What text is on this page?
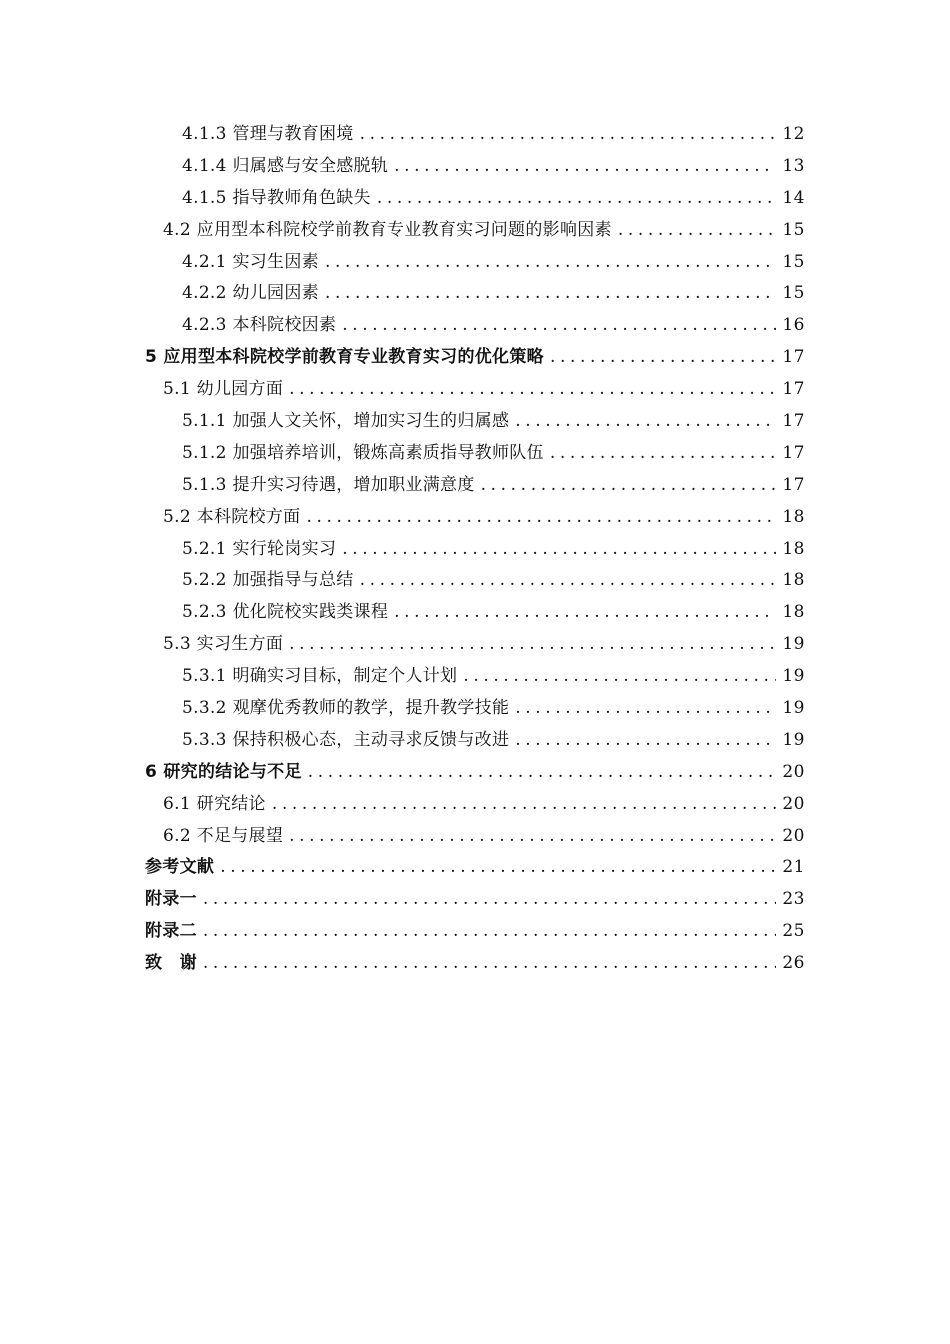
4.1.3 管理与教育困境 .....	12
4.1.4 归属感与安全感脱轨 .....	13
4.1.5 指导教师角色缺失 .....	14
4.2 应用型本科院校学前教育专业教育实习问题的影响因素 .....	15
4.2.1 实习生因素 .....	15
4.2.2 幼儿园因素 .....	15
4.2.3 本科院校因素 .....	16
5 应用型本科院校学前教育专业教育实习的优化策略 .....	17
5.1 幼儿园方面 .....	17
5.1.1 加强人文关怀，增加实习生的归属感 .....	17
5.1.2 加强培养培训，锻炼高素质指导教师队伍 .....	17
5.1.3 提升实习待遇，增加职业满意度 .....	17
5.2 本科院校方面 .....	18
5.2.1 实行轮岗实习 .....	18
5.2.2 加强指导与总结 .....	18
5.2.3 优化院校实践类课程 .....	18
5.3 实习生方面 .....	19
5.3.1 明确实习目标，制定个人计划 .....	19
5.3.2 观摩优秀教师的教学，提升教学技能 .....	19
5.3.3 保持积极心态，主动寻求反馈与改进 .....	19
6 研究的结论与不足 .....	20
6.1 研究结论 .....	20
6.2 不足与展望 .....	20
参考文献 .....	21
附录一 .....	23
附录二 .....	25
致　谢 .....	26
